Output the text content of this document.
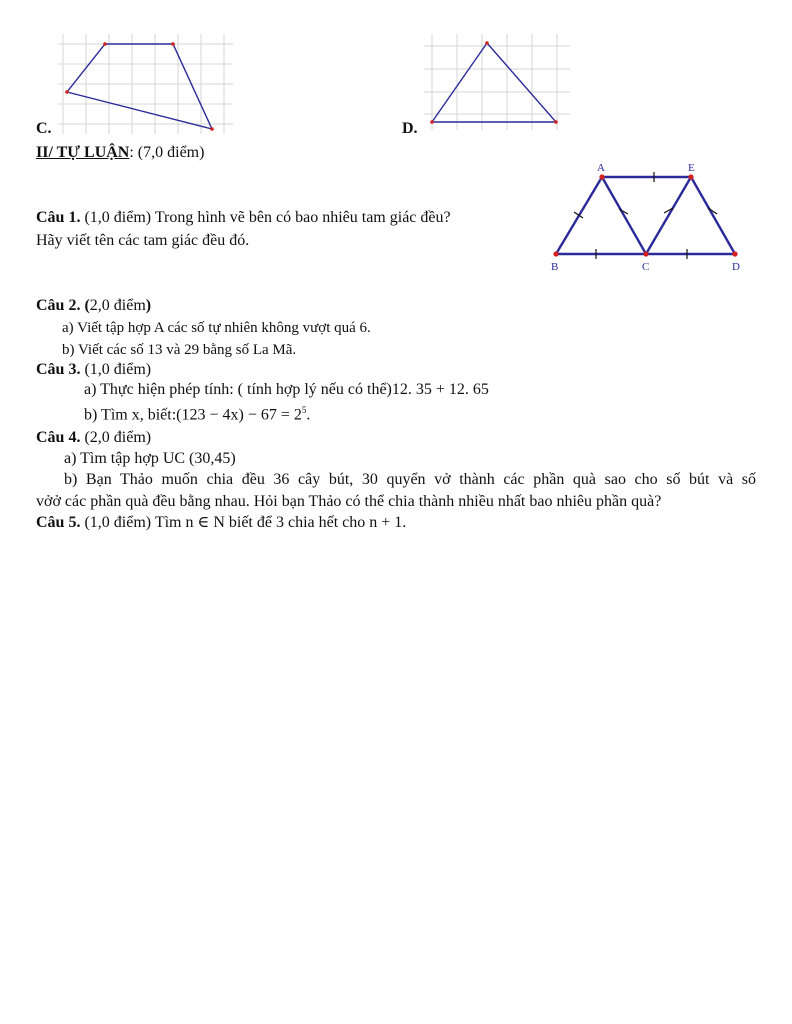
C.	D.
II/ TỰ LUẬN: (7,0 điểm)
A	E
B	C	D
Câu 1. (1,0 điểm) Trong hình vẽ bên có bao nhiêu tam giác đều?
Hãy viết tên các tam giác đều đó.
Câu 2. (2,0 điểm)
a) Viết tập hợp A các số tự nhiên không vượt quá 6.
b) Viết các số 13 và 29 bằng số La Mã.
Câu 3. (1,0 điểm)
a) Thực hiện phép tính: ( tính hợp lý nếu có thể)12. 35 + 12. 65
b) Tìm x, biết:(123 − $4x) - 67 = 2^5$.
Câu 4. (2,0 điểm)
a) Tìm tập hợp UC (30,45)
b) Bạn Thảo muốn chia đều 36 cây bút, 30 quyển vở thành các phần quà sao cho số bút và số
vởở các phần quà đều bằng nhau. Hỏi bạn Thảo có thể chia thành nhiều nhất bao nhiêu phần quà?
Câu 5. (1,0 điểm) Tìm n ∈ N biết để 3 chia hết cho n + 1.
